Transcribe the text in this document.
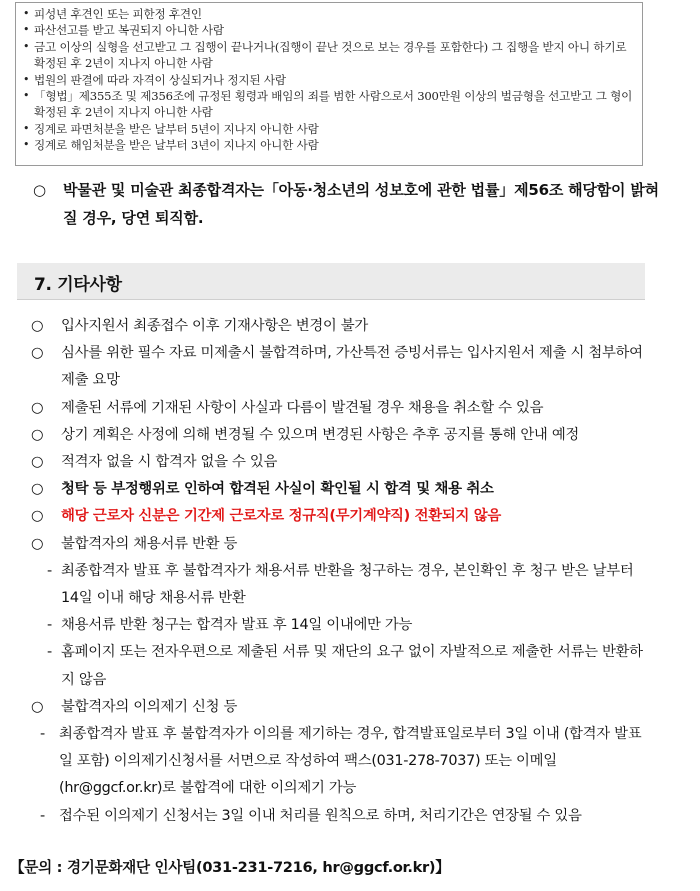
• 피성년 후견인 또는 피한정 후견인
• 파산선고를 받고 복권되지 아니한 사람
• 금고 이상의 실형을 선고받고 그 집행이 끝나거나(집행이 끝난 것으로 보는 경우를 포함한다) 그 집행을 받지 아니 하기로 확정된 후 2년이 지나지 아니한 사람
• 법원의 판결에 따라 자격이 상실되거나 정지된 사람
• 「형법」제355조 및 제356조에 규정된 횡령과 배임의 죄를 범한 사람으로서 300만원 이상의 벌금형을 선고받고 그 형이 확정된 후 2년이 지나지 아니한 사람
• 징계로 파면처분을 받은 날부터 5년이 지나지 아니한 사람
• 징계로 해임처분을 받은 날부터 3년이 지나지 아니한 사람
○	박물관 및 미술관 최종합격자는「아동·청소년의 성보호에 관한 법률」제56조 해당함이 밝혀질 경우, 당연 퇴직함.
7. 기타사항
○ 입사지원서 최종접수 이후 기재사항은 변경이 불가
○ 심사를 위한 필수 자료 미제출시 불합격하며, 가산특전 증빙서류는 입사지원서 제출 시 첨부하여 제출 요망
○ 제출된 서류에 기재된 사항이 사실과 다름이 발견될 경우 채용을 취소할 수 있음
○ 상기 계획은 사정에 의해 변경될 수 있으며 변경된 사항은 추후 공지를 통해 안내 예정
○ 적격자 없을 시 합격자 없을 수 있음
○ 청탁 등 부정행위로 인하여 합격된 사실이 확인될 시 합격 및 채용 취소
○ 해당 근로자 신분은 기간제 근로자로 정규직(무기계약직) 전환되지 않음
○ 불합격자의 채용서류 반환 등
- 최종합격자 발표 후 불합격자가 채용서류 반환을 청구하는 경우, 본인확인 후 청구 받은 날부터 14일 이내 해당 채용서류 반환
- 채용서류 반환 청구는 합격자 발표 후 14일 이내에만 가능
- 홈페이지 또는 전자우편으로 제출된 서류 및 재단의 요구 없이 자발적으로 제출한 서류는 반환하지 않음
○ 불합격자의 이의제기 신청 등
- 최종합격자 발표 후 불합격자가 이의를 제기하는 경우, 합격발표일로부터 3일 이내 (합격자 발표일 포함) 이의제기신청서를 서면으로 작성하여 팩스(031-278-7037) 또는 이메일(hr@ggcf.or.kr)로 불합격에 대한 이의제기 가능
- 접수된 이의제기 신청서는 3일 이내 처리를 원칙으로 하며, 처리기간은 연장될 수 있음
【문의 : 경기문화재단 인사팀(031-231-7216, hr@ggcf.or.kr)】
